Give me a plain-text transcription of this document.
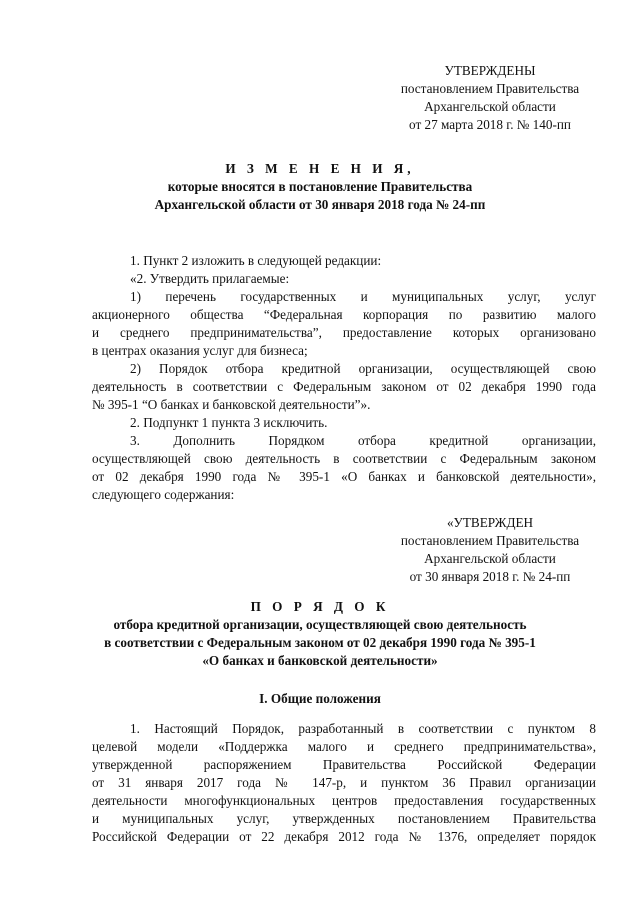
УТВЕРЖДЕНЫ
постановлением Правительства
Архангельской области
от 27 марта 2018 г. № 140-пп
И З М Е Н Е Н И Я,
которые вносятся в постановление Правительства
Архангельской области от 30 января 2018 года № 24-пп
1. Пункт 2 изложить в следующей редакции:
«2. Утвердить прилагаемые:
1) перечень государственных и муниципальных услуг, услуг
акционерного общества “Федеральная корпорация по развитию малого
и среднего предпринимательства”, предоставление которых организовано
в центрах оказания услуг для бизнеса;
2) Порядок отбора кредитной организации, осуществляющей свою
деятельность в соответствии с Федеральным законом от 02 декабря 1990 года
№ 395-1 “О банках и банковской деятельности”».
2. Подпункт 1 пункта 3 исключить.
3. Дополнить Порядком отбора кредитной организации,
осуществляющей свою деятельность в соответствии с Федеральным законом
от 02 декабря 1990 года № 395-1 «О банках и банковской деятельности»,
следующего содержания:
«УТВЕРЖДЕН
постановлением Правительства
Архангельской области
от 30 января 2018 г. № 24-пп
П О Р Я Д О К
отбора кредитной организации, осуществляющей свою деятельность
в соответствии с Федеральным законом от 02 декабря 1990 года № 395-1
«О банках и банковской деятельности»
I. Общие положения
1. Настоящий Порядок, разработанный в соответствии с пунктом 8
целевой модели «Поддержка малого и среднего предпринимательства»,
утвержденной распоряжением Правительства Российской Федерации
от 31 января 2017 года № 147-р, и пунктом 36 Правил организации
деятельности многофункциональных центров предоставления государственных
и муниципальных услуг, утвержденных постановлением Правительства
Российской Федерации от 22 декабря 2012 года № 1376, определяет порядок
